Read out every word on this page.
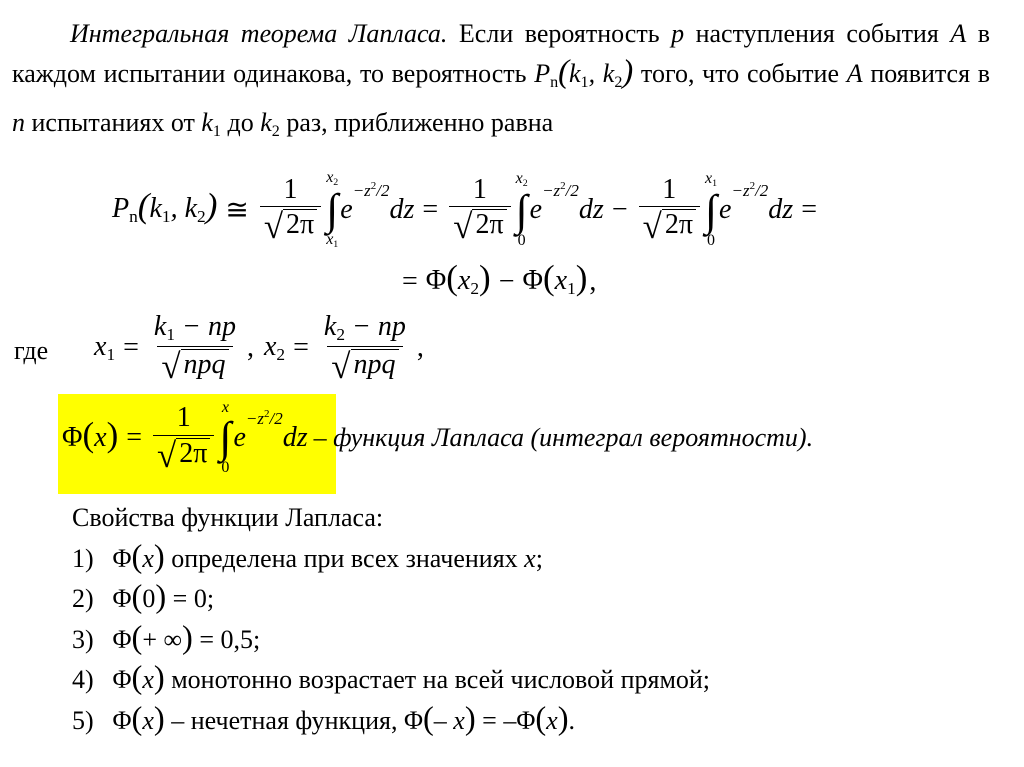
Интегральная теорема Лапласа. Если вероятность p наступления события A в каждом испытании одинакова, то вероятность $P_n(k_1$, $k_2$) того, что событие A появится в n испытаниях от $k_1$ до $k_2$ раз, приближенно равна

$P_n(k_1$, $k_2$) ≅ $\frac{1}{√ 2\pi} x_2$
∫
$x_1$
e
$-z^2/2$
dz = $\frac{1}{√ 2\pi} x_2$
∫
0
e
$-z^2/2$
dz − $\frac{1}{√ 2\pi} x_1$
∫
0
e
$-z^2/2$
dz =
= $\Phi(x_2) - \Phi(x_1)$ ,
где $x_1 = \frac{k_1 - np}{\text{√ npq}}$ , $x_2 = \frac{k_2 - np}{\text{√ npq}}$ ,
$\Phi(x) = \frac{1}{√ 2\pi}$ x
∫
0
e
$-z^2/2$
dz – функция Лапласа (интеграл вероятности).
Свойства функции Лапласа:
1) Φ(x) определена при всех значениях x;
2) Φ(0) = 0;
3) Φ(+ ∞) = 0,5;
4) Φ(x) монотонно возрастает на всей числовой прямой;
5) Φ(x) – нечетная функция, Φ(– x) = –Φ(x).
